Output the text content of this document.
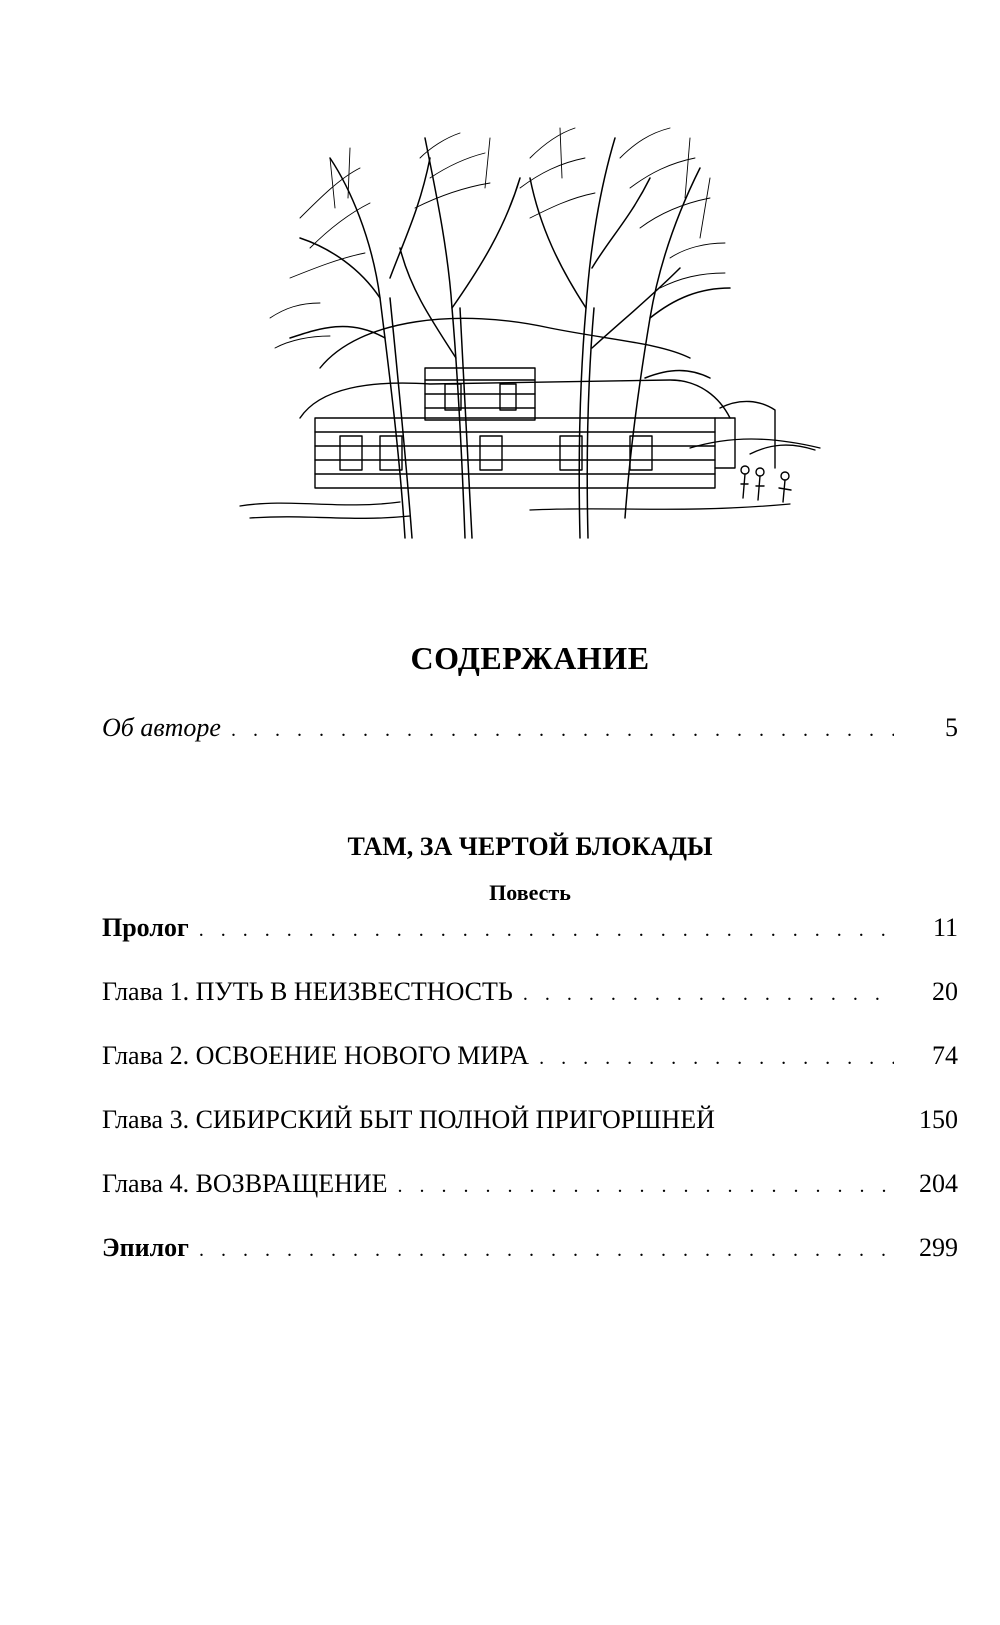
СОДЕРЖАНИЕ
Об авторе . . .	5
ТАМ, ЗА ЧЕРТОЙ БЛОКАДЫ
Повесть
Пролог . . .	11
Глава 1. ПУТЬ В НЕИЗВЕСТНОСТЬ . . .	20
Глава 2. ОСВОЕНИЕ НОВОГО МИРА . . .	74
Глава 3. СИБИРСКИЙ БЫТ ПОЛНОЙ ПРИГОРШНЕЙ	150
Глава 4. ВОЗВРАЩЕНИЕ . . .	204
Эпилог . . .	299
